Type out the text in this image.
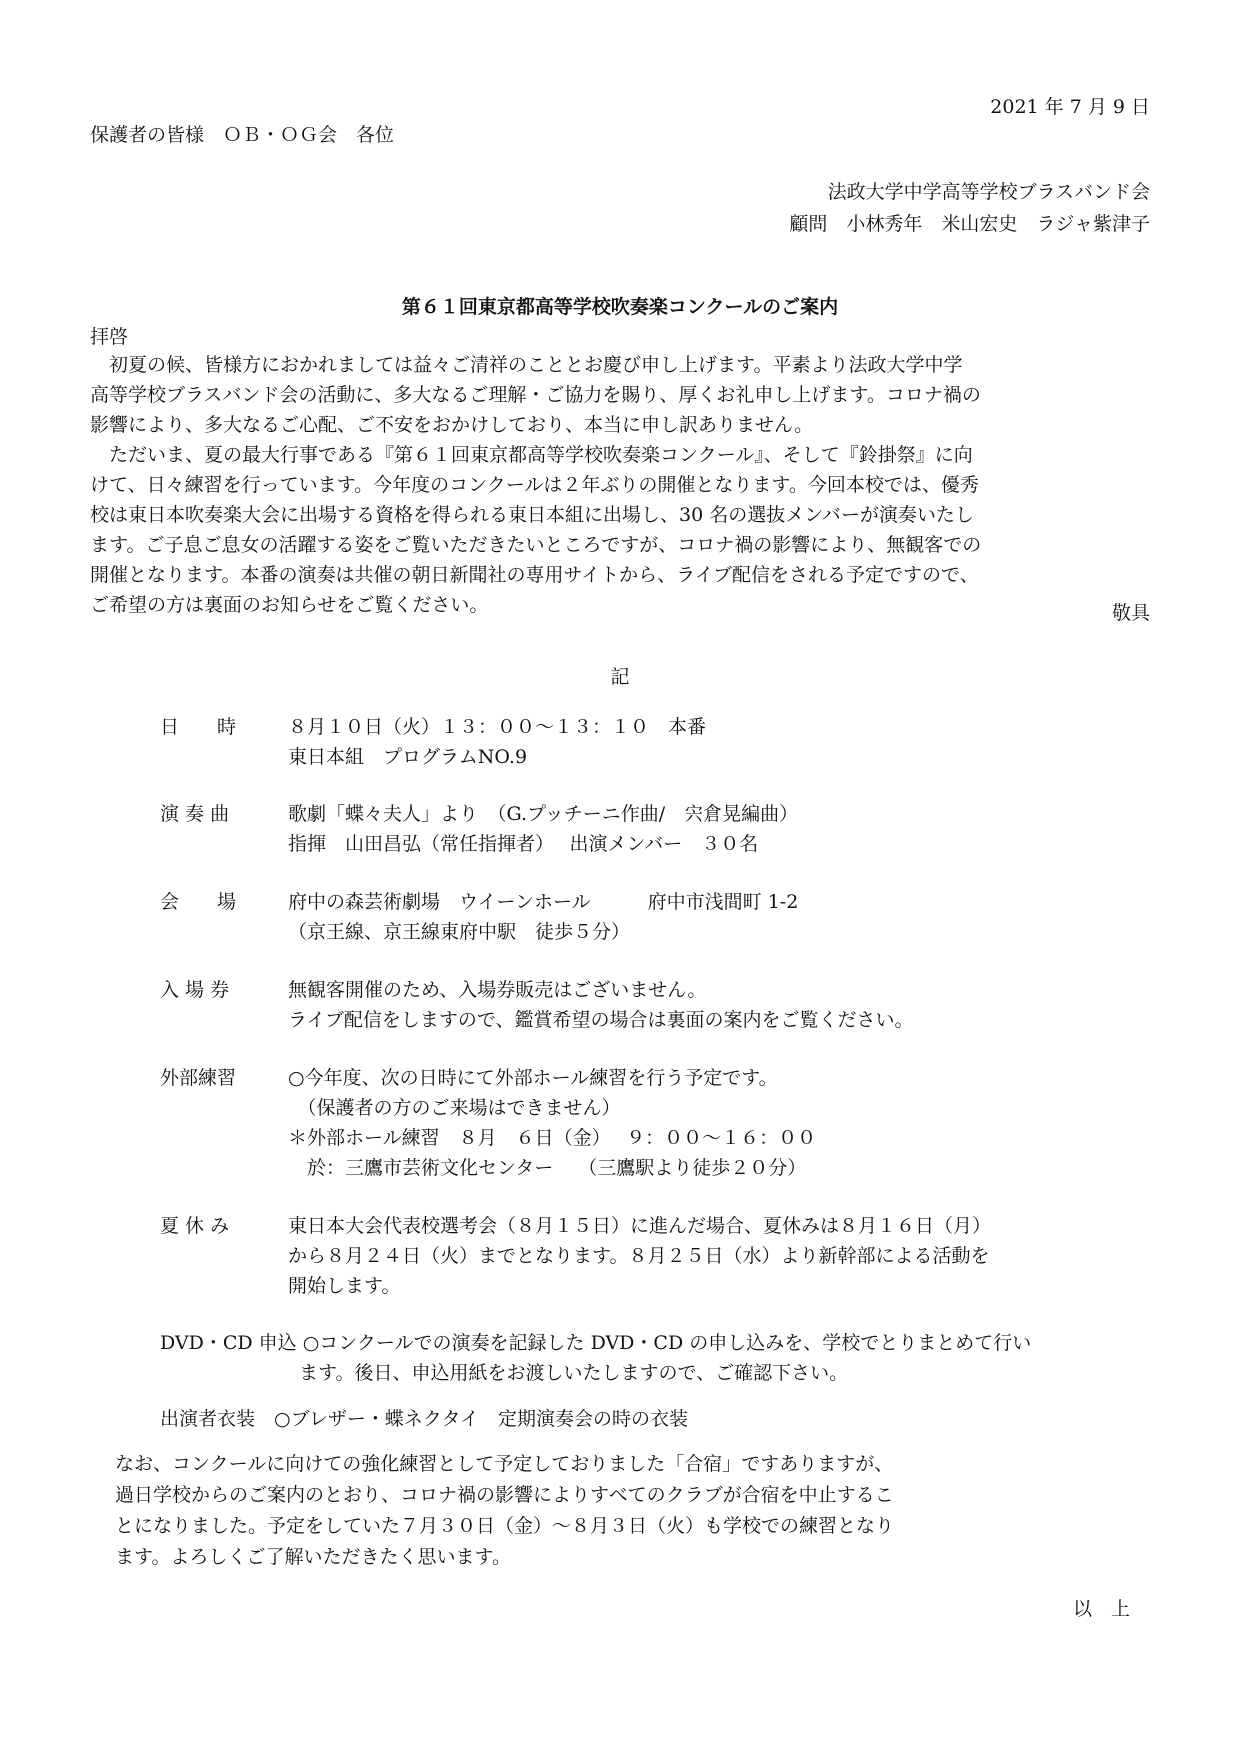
2021 年 7 月 9 日
保護者の皆様　ＯＢ・ＯＧ会　各位
法政大学中学高等学校ブラスバンド会
顧問　小林秀年　米山宏史　ラジャ紫津子
第６１回東京都高等学校吹奏楽コンクールのご案内
拝啓
　初夏の候、皆様方におかれましては益々ご清祥のこととお慶び申し上げます。平素より法政大学中学
高等学校ブラスバンド会の活動に、多大なるご理解・ご協力を賜り、厚くお礼申し上げます。コロナ禍の
影響により、多大なるご心配、ご不安をおかけしており、本当に申し訳ありません。
　ただいま、夏の最大行事である『第６１回東京都高等学校吹奏楽コンクール』、そして『鈴掛祭』に向
けて、日々練習を行っています。今年度のコンクールは２年ぶりの開催となります。今回本校では、優秀
校は東日本吹奏楽大会に出場する資格を得られる東日本組に出場し、30 名の選抜メンバーが演奏いたし
ます。ご子息ご息女の活躍する姿をご覧いただきたいところですが、コロナ禍の影響により、無観客での
開催となります。本番の演奏は共催の朝日新聞社の専用サイトから、ライブ配信をされる予定ですので、
ご希望の方は裏面のお知らせをご覧ください。	敬具
記
日　　時	８月１０日（火）１３：００～１３：１０　本番
東日本組　プログラムNO.9
演 奏 曲	歌劇「蝶々夫人」より　（G.プッチーニ作曲/　宍倉晃編曲）
指揮　山田昌弘（常任指揮者）　 出演メンバー　３０名
会　　場	府中の森芸術劇場　ウイーンホール　　　府中市浅間町 1-2
（京王線、京王線東府中駅　徒歩５分）
入 場 券	無観客開催のため、入場券販売はございません。
ライブ配信をしますので、鑑賞希望の場合は裏面の案内をご覧ください。
外部練習	○今年度、次の日時にて外部ホール練習を行う予定です。
　（保護者の方のご来場はできません）
＊外部ホール練習　８月　６日（金）　 ９：００～１６：００
　於：三鷹市芸術文化センター　 （三鷹駅より徒歩２０分）
夏 休 み	東日本大会代表校選考会（８月１５日）に進んだ場合、夏休みは８月１６日（月）
から８月２４日（火）までとなります。８月２５日（水）より新幹部による活動を
開始します。
DVD・CD 申込 ○コンクールでの演奏を記録した DVD・CD の申し込みを、学校でとりまとめて行い
　　　　　　　 ます。後日、申込用紙をお渡しいたしますので、ご確認下さい。
出演者衣装　○ブレザー・蝶ネクタイ　定期演奏会の時の衣装
なお、コンクールに向けての強化練習として予定しておりました「合宿」ですありますが、
過日学校からのご案内のとおり、コロナ禍の影響によりすべてのクラブが合宿を中止するこ
とになりました。予定をしていた７月３０日（金）～８月３日（火）も学校での練習となり
ます。よろしくご了解いただきたく思います。
以　上
